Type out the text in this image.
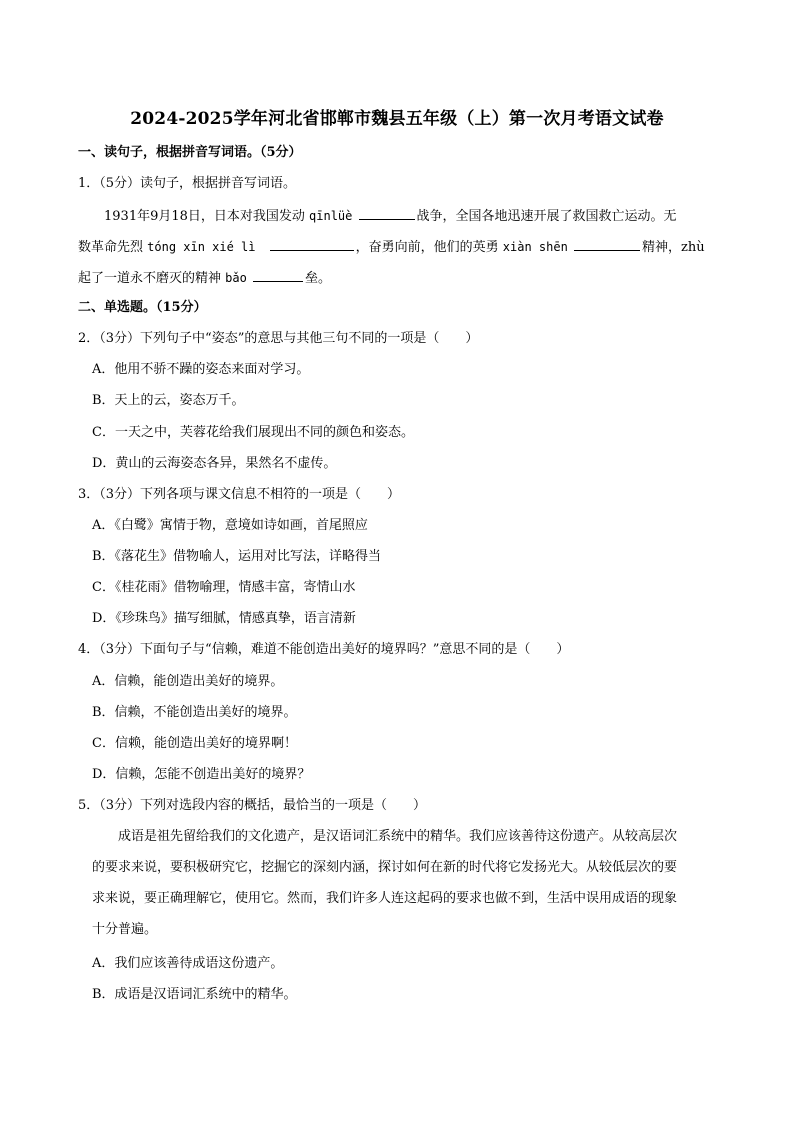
2024-2025学年河北省邯郸市魏县五年级（上）第一次月考语文试卷
一、读句子，根据拼音写词语。（5分）
1．（5分）读句子，根据拼音写词语。
1931年9月18日，日本对我国发动 qīnlüè	战争，全国各地迅速开展了救国救亡运动。无
数革命先烈 tóng xīn xié lì	，奋勇向前，他们的英勇 xiàn shēn	精神，zhù
起了一道永不磨灭的精神 bǎo	垒。
二、单选题。（15分）
2．（3分）下列句子中“姿态”的意思与其他三句不同的一项是（　　）
A．他用不骄不躁的姿态来面对学习。
B．天上的云，姿态万千。
C．一天之中，芙蓉花给我们展现出不同的颜色和姿态。
D．黄山的云海姿态各异，果然名不虚传。
3．（3分）下列各项与课文信息不相符的一项是（　　）
A．《白鹭》寓情于物，意境如诗如画，首尾照应
B．《落花生》借物喻人，运用对比写法，详略得当
C．《桂花雨》借物喻理，情感丰富，寄情山水
D．《珍珠鸟》描写细腻，情感真挚，语言清新
4．（3分）下面句子与“信赖，难道不能创造出美好的境界吗？”意思不同的是（　　）
A．信赖，能创造出美好的境界。
B．信赖，不能创造出美好的境界。
C．信赖，能创造出美好的境界啊！
D．信赖，怎能不创造出美好的境界？
5．（3分）下列对选段内容的概括，最恰当的一项是（　　）
成语是祖先留给我们的文化遗产，是汉语词汇系统中的精华。我们应该善待这份遗产。从较高层次
的要求来说，要积极研究它，挖掘它的深刻内涵，探讨如何在新的时代将它发扬光大。从较低层次的要
求来说，要正确理解它，使用它。然而，我们许多人连这起码的要求也做不到，生活中误用成语的现象
十分普遍。
A．我们应该善待成语这份遗产。
B．成语是汉语词汇系统中的精华。
